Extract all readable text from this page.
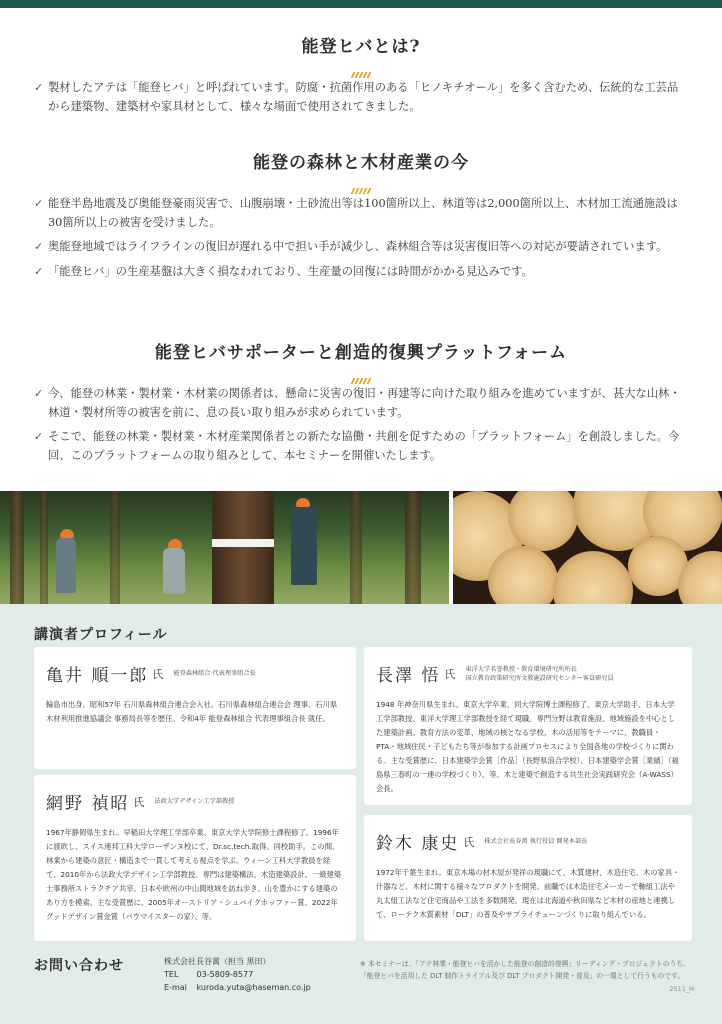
能登ヒバとは?
✓ 製材したアテは「能登ヒバ」と呼ばれています。防腐・抗菌作用のある「ヒノキチオール」を多く含むため、伝統的な工芸品から建築物、建築材や家具材として、様々な場面で使用されてきました。
能登の森林と木材産業の今
✓ 能登半島地震及び奥能登豪雨災害で、山腹崩壊・土砂流出等は100箇所以上、林道等は2,000箇所以上、木材加工流通施設は30箇所以上の被害を受けました。
✓ 奥能登地域ではライフラインの復旧が遅れる中で担い手が減少し、森林組合等は災害復旧等への対応が要請されています。
✓ 「能登ヒバ」の生産基盤は大きく損なわれており、生産量の回復には時間がかかる見込みです。
能登ヒバサポーターと創造的復興プラットフォーム
✓ 今、能登の林業・製材業・木材業の関係者は、懸命に災害の復旧・再建等に向けた取り組みを進めていますが、甚大な山林・林道・製材所等の被害を前に、息の長い取り組みが求められています。
✓ そこで、能登の林業・製材業・木材産業関係者との新たな協働・共創を促すための「プラットフォーム」を創設しました。今回、このプラットフォームの取り組みとして、本セミナーを開催いたします。
講演者プロフィール
亀井 順一郎 氏 能登森林組合 代表理事組合長
輪島市出身。昭和57年 石川県森林組合連合会入社。石川県森林組合連合会 理事、石川県木材利用推進協議会 事務局長等を歴任。令和4年 能登森林組合 代表理事組合長 就任。
網野 禎昭 氏 法政大学デザイン工学部教授
1967年静岡県生まれ。早稲田大学理工学部卒業、東京大学大学院修士課程修了。1996年に渡欧し、スイス連邦工科大学ローザンヌ校にて、Dr.sc.tech.取得。同校助手。この間、林業から建築の意匠・構造まで一貫して考える視点を学ぶ。ウィーン工科大学教員を経て、2010年から法政大学デザイン工学部教授。専門は建築構法、木造建築設計。一級建築士事務所ストラクチア共宰。日本や欧州の中山間地域を訪ね歩き、山を豊かにする建築のあり方を模索。主な受賞歴に、2005年オーストリア・シュバイクホッファー賞、2022年グッドデザイン賞金賞（パウマイスターの家）、等。
長澤 悟 氏 東洋大学名誉教授・教育環境研究所所長
国立教育政策研究所文教施設研究センター客員研究員
1948 年神奈川県生まれ。東京大学卒業、同大学院博士課程修了、東京大学助手、日本大学工学部教授、東洋大学理工学部教授を経て現職。専門分野は教育施設、地域施設を中心とした建築計画。教育方法の変革、地域の核となる学校、木の活用等をテーマに、教職員・PTA・地域住民・子どもたち等が参加する計画プロセスにより全国各地の学校づくりに関わる。主な受賞歴に、日本建築学会賞［作品］（長野県浪合学校）、日本建築学会賞［業績］（福島県三春町の一連の学校づくり）、等。木と建築で創造する共生社会実践研究会（A-WASS）会長。
鈴木 康史 氏 株式会社長谷萬 執行役員 開発本部長
1972年千葉生まれ。東京木場の材木屋が発祥の現職にて、木質建材、木造住宅、木の家具・什器など、木材に関する様々なプロダクトを開発。前職では木造住宅メーカーで軸組工法や丸太組工法など住宅商品や工法を多数開発。現在は北海道や秋田県など木材の産地と連携して、ローテク木質素材「DLT」の普及やサプライチェーンづくりに取り組んでいる。
お問い合わせ	株式会社長谷萬（担当 黒田）
TEL 03-5809-8577
E-mai kuroda.yuta@haseman.co.jp
※ 本セミナーは、「アテ林業・能登ヒバを活かした能登の創造的復興」リーディング・プロジェクトのうち、「能登ヒバを活用した DLT 制作トライアル及び DLT プロダクト開発・普及」の一環として行うものです。
2511_H
